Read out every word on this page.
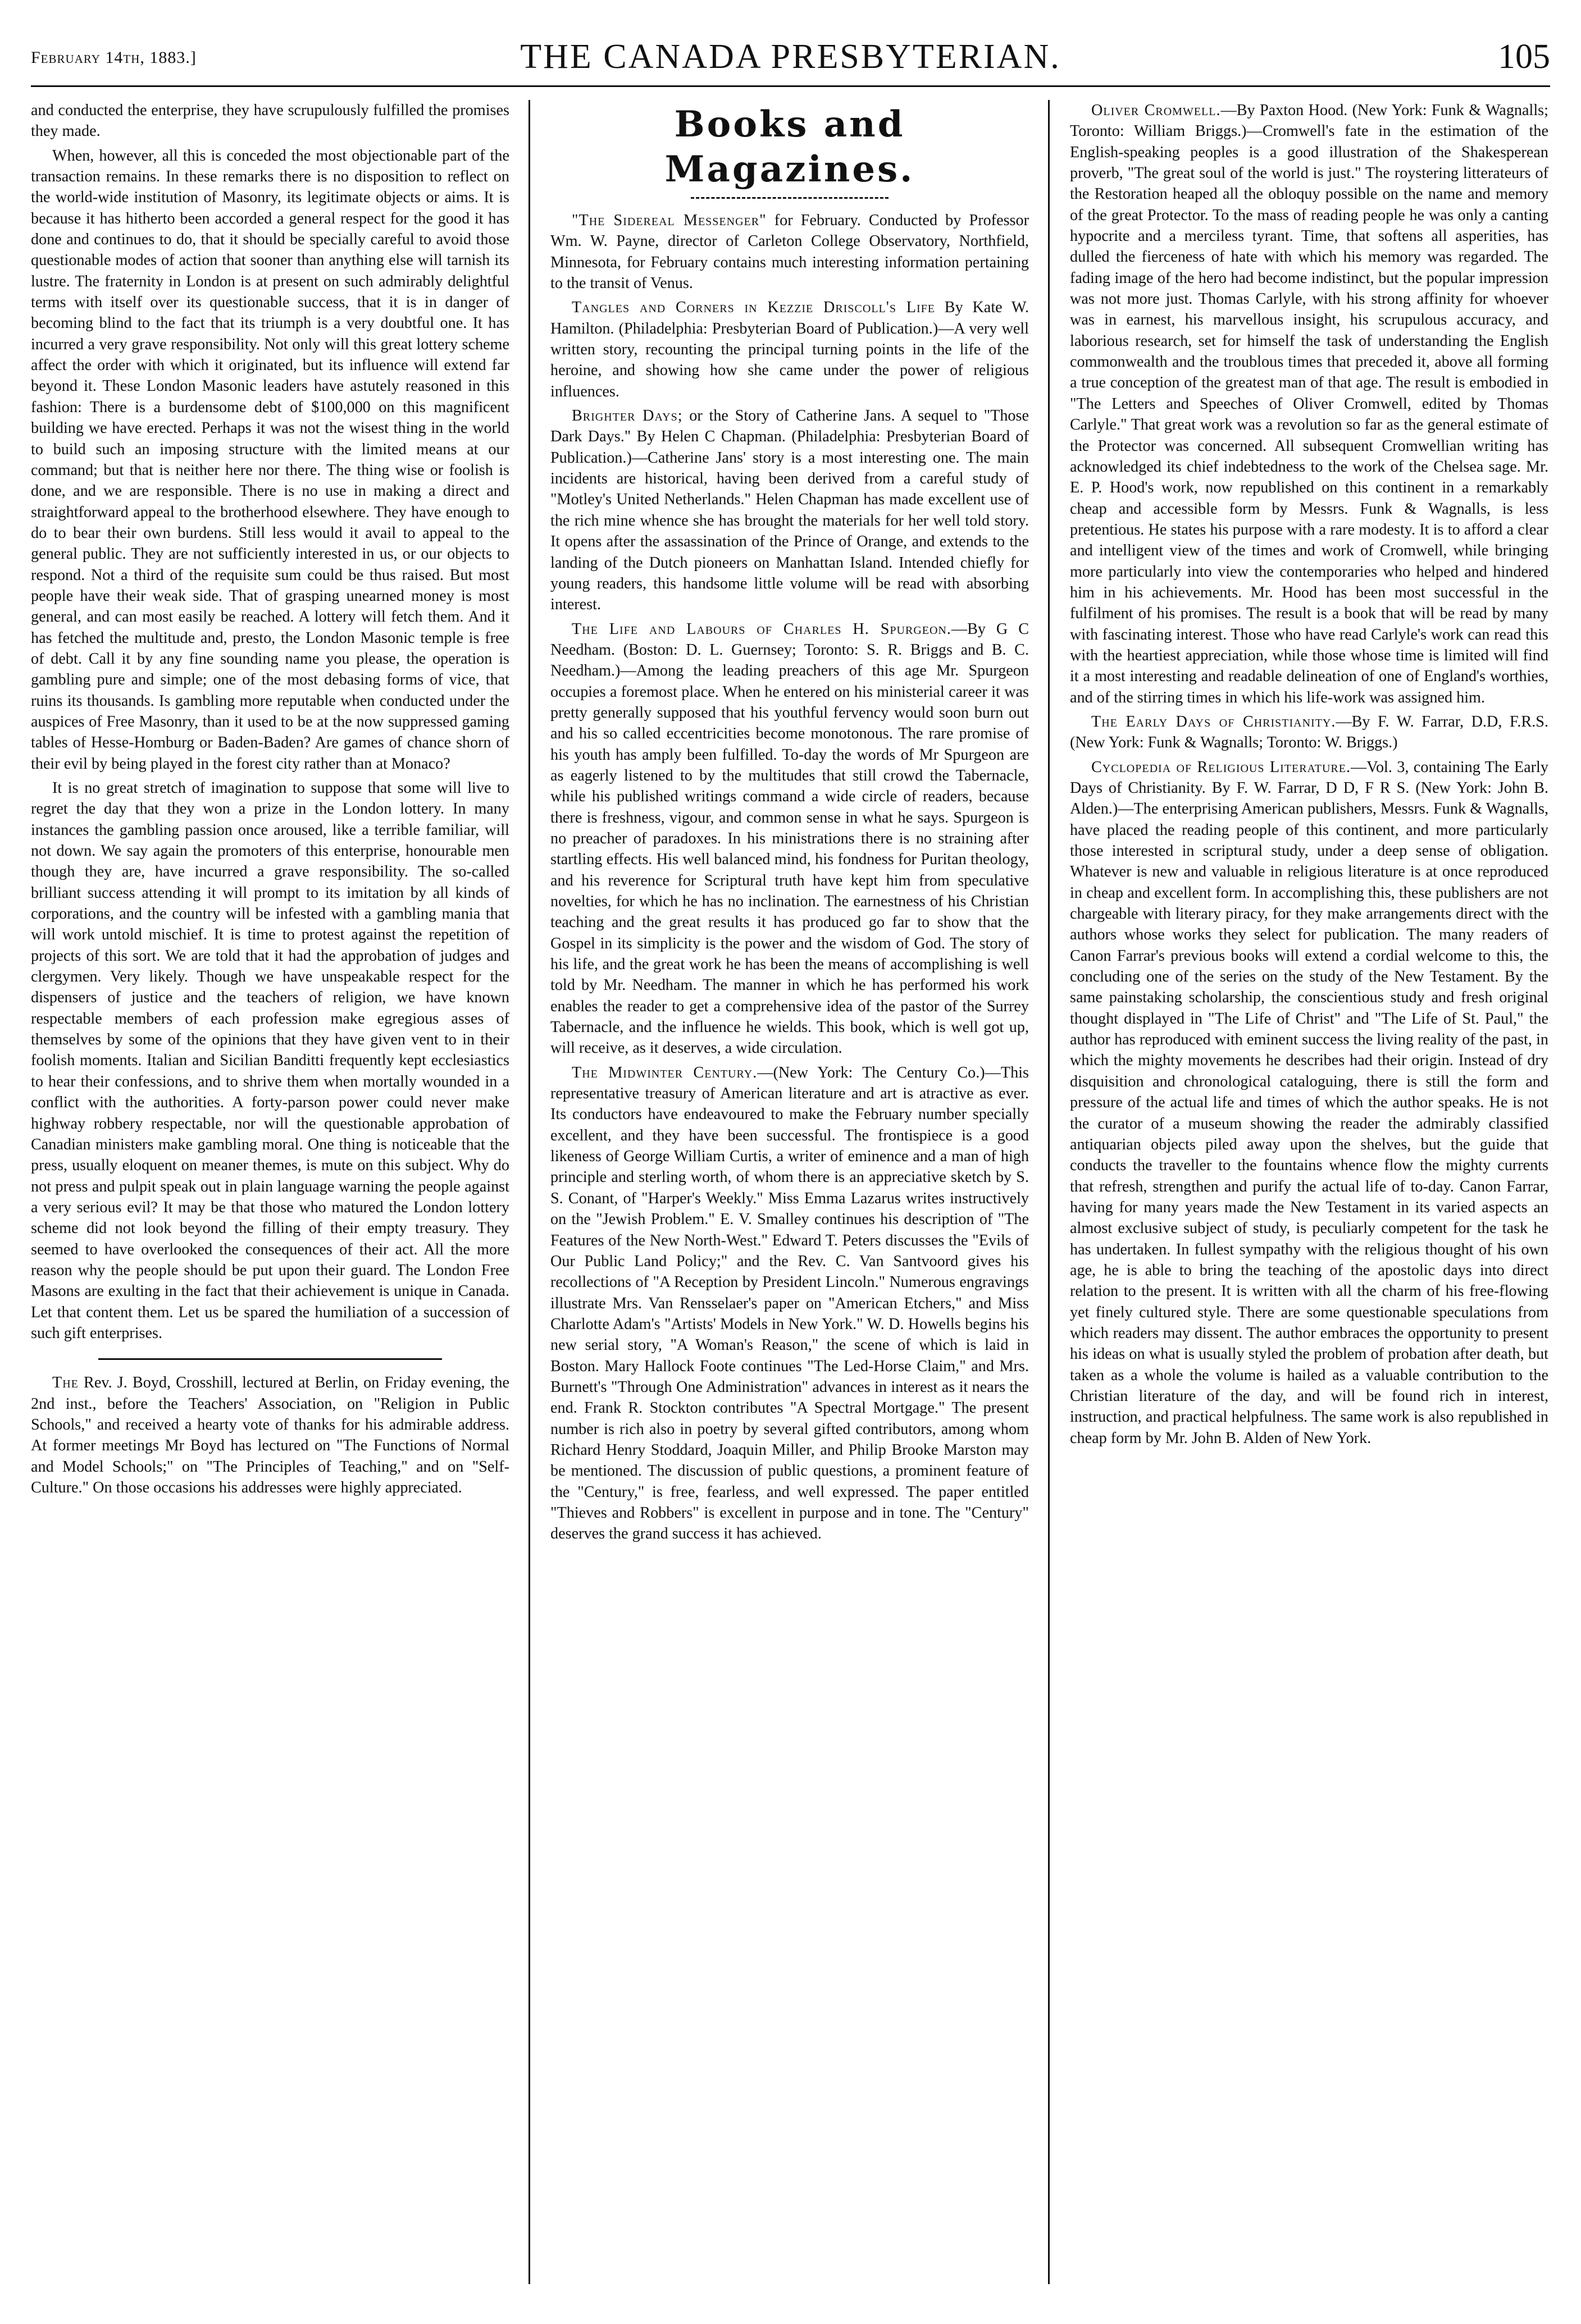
February 14th, 1883.]	THE CANADA PRESBYTERIAN.	105

and conducted the enterprise, they have scrupulously fulfilled the promises they made.

When, however, all this is conceded the most objectionable part of the transaction remains. In these remarks there is no disposition to reflect on the world-wide institution of Masonry, its legitimate objects or aims. It is because it has hitherto been accorded a general respect for the good it has done and continues to do, that it should be specially careful to avoid those questionable modes of action that sooner than anything else will tarnish its lustre. The fraternity in London is at present on such admirably delightful terms with itself over its questionable success, that it is in danger of becoming blind to the fact that its triumph is a very doubtful one. It has incurred a very grave responsibility. Not only will this great lottery scheme affect the order with which it originated, but its influence will extend far beyond it. These London Masonic leaders have astutely reasoned in this fashion: There is a burdensome debt of $100,000 on this magnificent building we have erected. Perhaps it was not the wisest thing in the world to build such an imposing structure with the limited means at our command; but that is neither here nor there. The thing wise or foolish is done, and we are responsible. There is no use in making a direct and straightforward appeal to the brotherhood elsewhere. They have enough to do to bear their own burdens. Still less would it avail to appeal to the general public. They are not sufficiently interested in us, or our objects to respond. Not a third of the requisite sum could be thus raised. But most people have their weak side. That of grasping unearned money is most general, and can most easily be reached. A lottery will fetch them. And it has fetched the multitude and, presto, the London Masonic temple is free of debt. Call it by any fine sounding name you please, the operation is gambling pure and simple; one of the most debasing forms of vice, that ruins its thousands. Is gambling more reputable when conducted under the auspices of Free Masonry, than it used to be at the now suppressed gaming tables of Hesse-Homburg or Baden-Baden? Are games of chance shorn of their evil by being played in the forest city rather than at Monaco?

It is no great stretch of imagination to suppose that some will live to regret the day that they won a prize in the London lottery. In many instances the gambling passion once aroused, like a terrible familiar, will not down. We say again the promoters of this enterprise, honourable men though they are, have incurred a grave responsibility. The so-called brilliant success attending it will prompt to its imitation by all kinds of corporations, and the country will be infested with a gambling mania that will work untold mischief. It is time to protest against the repetition of projects of this sort. We are told that it had the approbation of judges and clergymen. Very likely. Though we have unspeakable respect for the dispensers of justice and the teachers of religion, we have known respectable members of each profession make egregious asses of themselves by some of the opinions that they have given vent to in their foolish moments. Italian and Sicilian Banditti frequently kept ecclesiastics to hear their confessions, and to shrive them when mortally wounded in a conflict with the authorities. A forty-parson power could never make highway robbery respectable, nor will the questionable approbation of Canadian ministers make gambling moral. One thing is noticeable that the press, usually eloquent on meaner themes, is mute on this subject. Why do not press and pulpit speak out in plain language warning the people against a very serious evil? It may be that those who matured the London lottery scheme did not look beyond the filling of their empty treasury. They seemed to have overlooked the consequences of their act. All the more reason why the people should be put upon their guard. The London Free Masons are exulting in the fact that their achievement is unique in Canada. Let that content them. Let us be spared the humiliation of a succession of such gift enterprises.

The Rev. J. Boyd, Crosshill, lectured at Berlin, on Friday evening, the 2nd inst., before the Teachers' Association, on "Religion in Public Schools," and received a hearty vote of thanks for his admirable address. At former meetings Mr Boyd has lectured on "The Functions of Normal and Model Schools;" on "The Principles of Teaching," and on "Self-Culture." On those occasions his addresses were highly appreciated.

Books and Magazines.

"The Sidereal Messenger" for February. Conducted by Professor Wm. W. Payne, director of Carleton College Observatory, Northfield, Minnesota, for February contains much interesting information pertaining to the transit of Venus.

Tangles and Corners in Kezzie Driscoll's Life By Kate W. Hamilton. (Philadelphia: Presbyterian Board of Publication.)—A very well written story, recounting the principal turning points in the life of the heroine, and showing how she came under the power of religious influences.

Brighter Days; or the Story of Catherine Jans. A sequel to "Those Dark Days." By Helen C Chapman. (Philadelphia: Presbyterian Board of Publication.)—Catherine Jans' story is a most interesting one. The main incidents are historical, having been derived from a careful study of "Motley's United Netherlands." Helen Chapman has made excellent use of the rich mine whence she has brought the materials for her well told story. It opens after the assassination of the Prince of Orange, and extends to the landing of the Dutch pioneers on Manhattan Island. Intended chiefly for young readers, this handsome little volume will be read with absorbing interest.

The Life and Labours of Charles H. Spurgeon.—By G C Needham. (Boston: D. L. Guernsey; Toronto: S. R. Briggs and B. C. Needham.)—Among the leading preachers of this age Mr. Spurgeon occupies a foremost place. When he entered on his ministerial career it was pretty generally supposed that his youthful fervency would soon burn out and his so called eccentricities become monotonous. The rare promise of his youth has amply been fulfilled. To-day the words of Mr Spurgeon are as eagerly listened to by the multitudes that still crowd the Tabernacle, while his published writings command a wide circle of readers, because there is freshness, vigour, and common sense in what he says. Spurgeon is no preacher of paradoxes. In his ministrations there is no straining after startling effects. His well balanced mind, his fondness for Puritan theology, and his reverence for Scriptural truth have kept him from speculative novelties, for which he has no inclination. The earnestness of his Christian teaching and the great results it has produced go far to show that the Gospel in its simplicity is the power and the wisdom of God. The story of his life, and the great work he has been the means of accomplishing is well told by Mr. Needham. The manner in which he has performed his work enables the reader to get a comprehensive idea of the pastor of the Surrey Tabernacle, and the influence he wields. This book, which is well got up, will receive, as it deserves, a wide circulation.

The Midwinter Century.—(New York: The Century Co.)—This representative treasury of American literature and art is atractive as ever. Its conductors have endeavoured to make the February number specially excellent, and they have been successful. The frontispiece is a good likeness of George William Curtis, a writer of eminence and a man of high principle and sterling worth, of whom there is an appreciative sketch by S. S. Conant, of "Harper's Weekly." Miss Emma Lazarus writes instructively on the "Jewish Problem." E. V. Smalley continues his description of "The Features of the New North-West." Edward T. Peters discusses the "Evils of Our Public Land Policy;" and the Rev. C. Van Santvoord gives his recollections of "A Reception by President Lincoln." Numerous engravings illustrate Mrs. Van Rensselaer's paper on "American Etchers," and Miss Charlotte Adam's "Artists' Models in New York." W. D. Howells begins his new serial story, "A Woman's Reason," the scene of which is laid in Boston. Mary Hallock Foote continues "The Led-Horse Claim," and Mrs. Burnett's "Through One Administration" advances in interest as it nears the end. Frank R. Stockton contributes "A Spectral Mortgage." The present number is rich also in poetry by several gifted contributors, among whom Richard Henry Stoddard, Joaquin Miller, and Philip Brooke Marston may be mentioned. The discussion of public questions, a prominent feature of the "Century," is free, fearless, and well expressed. The paper entitled "Thieves and Robbers" is excellent in purpose and in tone. The "Century" deserves the grand success it has achieved.

Oliver Cromwell.—By Paxton Hood. (New York: Funk & Wagnalls; Toronto: William Briggs.)—Cromwell's fate in the estimation of the English-speaking peoples is a good illustration of the Shakesperean proverb, "The great soul of the world is just." The roystering litterateurs of the Restoration heaped all the obloquy possible on the name and memory of the great Protector. To the mass of reading people he was only a canting hypocrite and a merciless tyrant. Time, that softens all asperities, has dulled the fierceness of hate with which his memory was regarded. The fading image of the hero had become indistinct, but the popular impression was not more just. Thomas Carlyle, with his strong affinity for whoever was in earnest, his marvellous insight, his scrupulous accuracy, and laborious research, set for himself the task of understanding the English commonwealth and the troublous times that preceded it, above all forming a true conception of the greatest man of that age. The result is embodied in "The Letters and Speeches of Oliver Cromwell, edited by Thomas Carlyle." That great work was a revolution so far as the general estimate of the Protector was concerned. All subsequent Cromwellian writing has acknowledged its chief indebtedness to the work of the Chelsea sage. Mr. E. P. Hood's work, now republished on this continent in a remarkably cheap and accessible form by Messrs. Funk & Wagnalls, is less pretentious. He states his purpose with a rare modesty. It is to afford a clear and intelligent view of the times and work of Cromwell, while bringing more particularly into view the contemporaries who helped and hindered him in his achievements. Mr. Hood has been most successful in the fulfilment of his promises. The result is a book that will be read by many with fascinating interest. Those who have read Carlyle's work can read this with the heartiest appreciation, while those whose time is limited will find it a most interesting and readable delineation of one of England's worthies, and of the stirring times in which his life-work was assigned him.

The Early Days of Christianity.—By F. W. Farrar, D.D, F.R.S. (New York: Funk & Wagnalls; Toronto: W. Briggs.)

Cyclopedia of Religious Literature.—Vol. 3, containing The Early Days of Christianity. By F. W. Farrar, D D, F R S. (New York: John B. Alden.)—The enterprising American publishers, Messrs. Funk & Wagnalls, have placed the reading people of this continent, and more particularly those interested in scriptural study, under a deep sense of obligation. Whatever is new and valuable in religious literature is at once reproduced in cheap and excellent form. In accomplishing this, these publishers are not chargeable with literary piracy, for they make arrangements direct with the authors whose works they select for publication. The many readers of Canon Farrar's previous books will extend a cordial welcome to this, the concluding one of the series on the study of the New Testament. By the same painstaking scholarship, the conscientious study and fresh original thought displayed in "The Life of Christ" and "The Life of St. Paul," the author has reproduced with eminent success the living reality of the past, in which the mighty movements he describes had their origin. Instead of dry disquisition and chronological cataloguing, there is still the form and pressure of the actual life and times of which the author speaks. He is not the curator of a museum showing the reader the admirably classified antiquarian objects piled away upon the shelves, but the guide that conducts the traveller to the fountains whence flow the mighty currents that refresh, strengthen and purify the actual life of to-day. Canon Farrar, having for many years made the New Testament in its varied aspects an almost exclusive subject of study, is peculiarly competent for the task he has undertaken. In fullest sympathy with the religious thought of his own age, he is able to bring the teaching of the apostolic days into direct relation to the present. It is written with all the charm of his free-flowing yet finely cultured style. There are some questionable speculations from which readers may dissent. The author embraces the opportunity to present his ideas on what is usually styled the problem of probation after death, but taken as a whole the volume is hailed as a valuable contribution to the Christian literature of the day, and will be found rich in interest, instruction, and practical helpfulness. The same work is also republished in cheap form by Mr. John B. Alden of New York.
